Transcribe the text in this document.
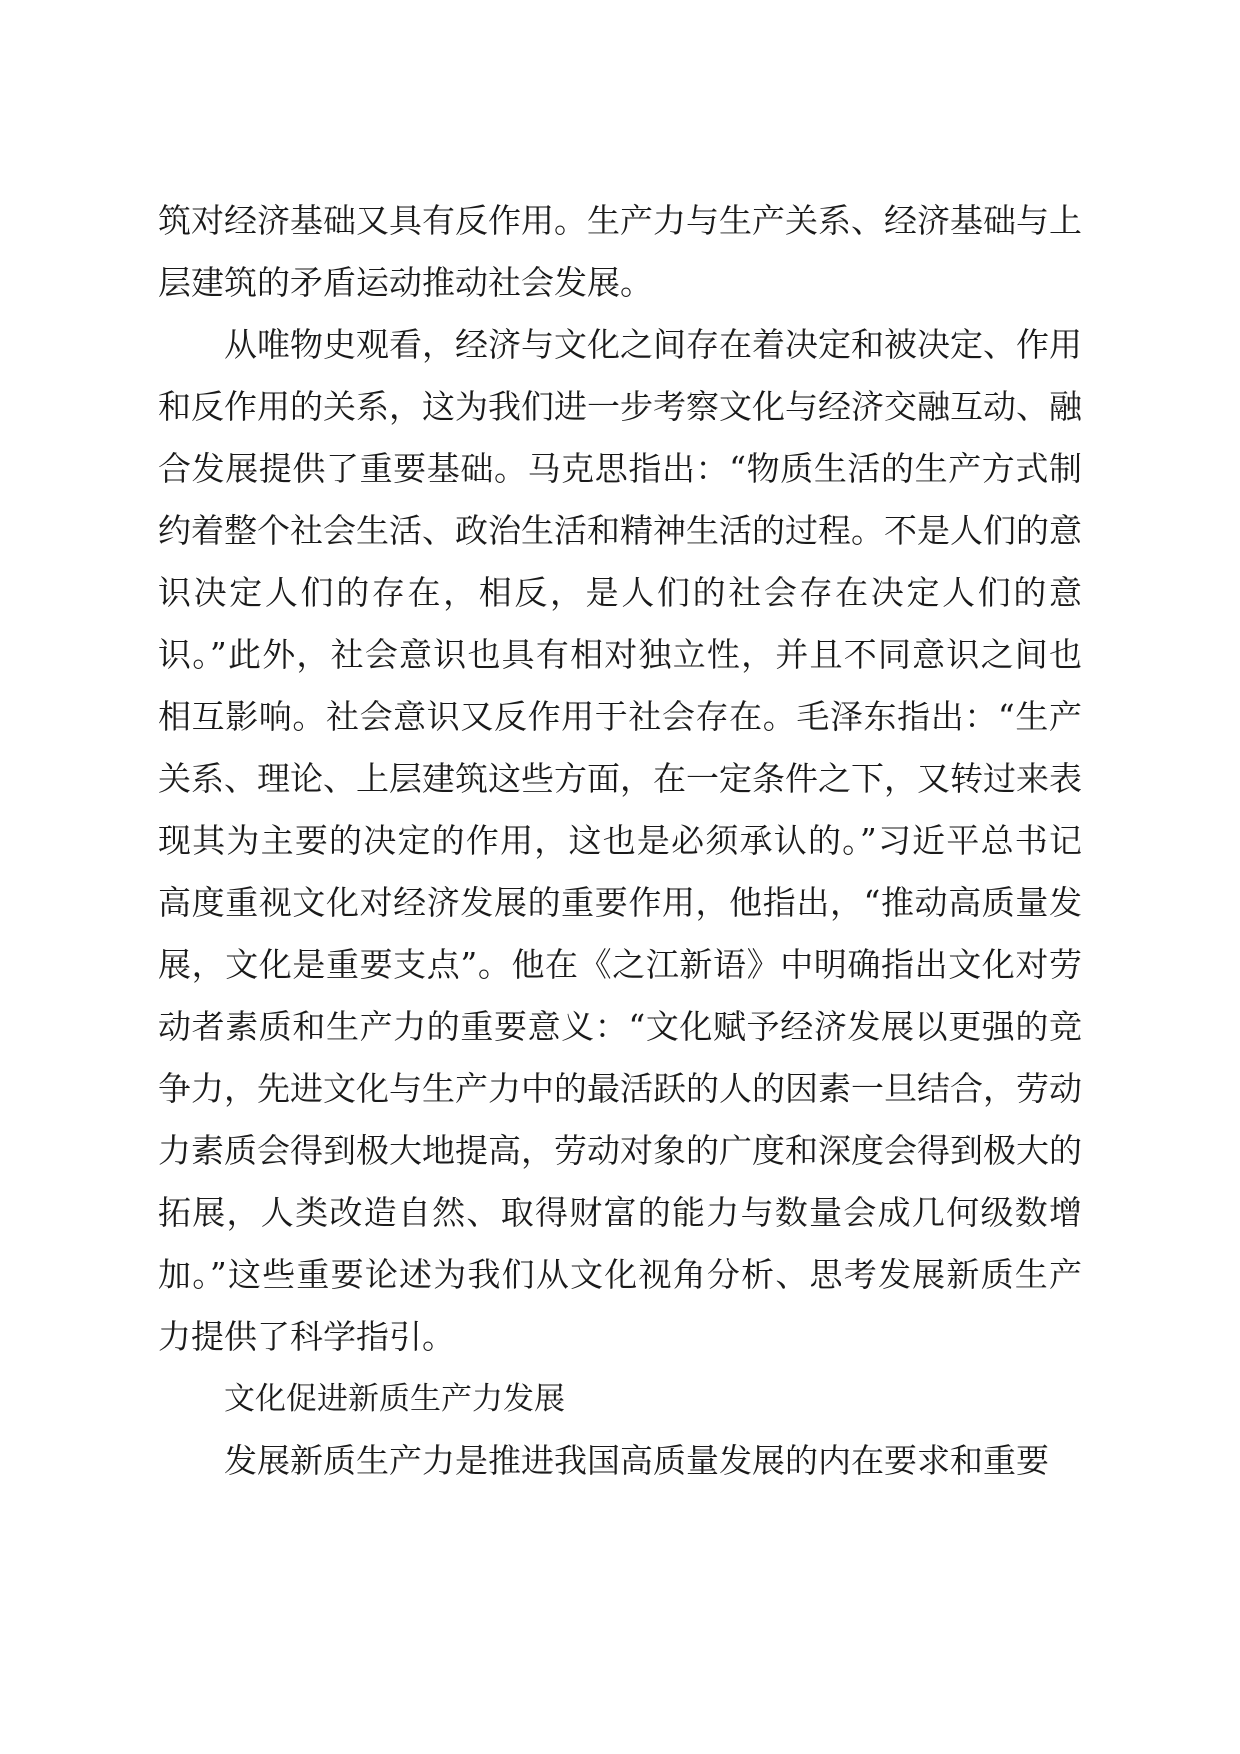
筑对经济基础又具有反作用。生产力与生产关系、经济基础与上层建筑的矛盾运动推动社会发展。

从唯物史观看，经济与文化之间存在着决定和被决定、作用和反作用的关系，这为我们进一步考察文化与经济交融互动、融合发展提供了重要基础。马克思指出：“物质生活的生产方式制约着整个社会生活、政治生活和精神生活的过程。不是人们的意识决定人们的存在，相反，是人们的社会存在决定人们的意识。”此外，社会意识也具有相对独立性，并且不同意识之间也相互影响。社会意识又反作用于社会存在。毛泽东指出：“生产关系、理论、上层建筑这些方面，在一定条件之下，又转过来表现其为主要的决定的作用，这也是必须承认的。”习近平总书记高度重视文化对经济发展的重要作用，他指出，“推动高质量发展，文化是重要支点”。他在《之江新语》中明确指出文化对劳动者素质和生产力的重要意义：“文化赋予经济发展以更强的竞争力，先进文化与生产力中的最活跃的人的因素一旦结合，劳动力素质会得到极大地提高，劳动对象的广度和深度会得到极大的拓展，人类改造自然、取得财富的能力与数量会成几何级数增加。”这些重要论述为我们从文化视角分析、思考发展新质生产力提供了科学指引。

文化促进新质生产力发展

发展新质生产力是推进我国高质量发展的内在要求和重要
